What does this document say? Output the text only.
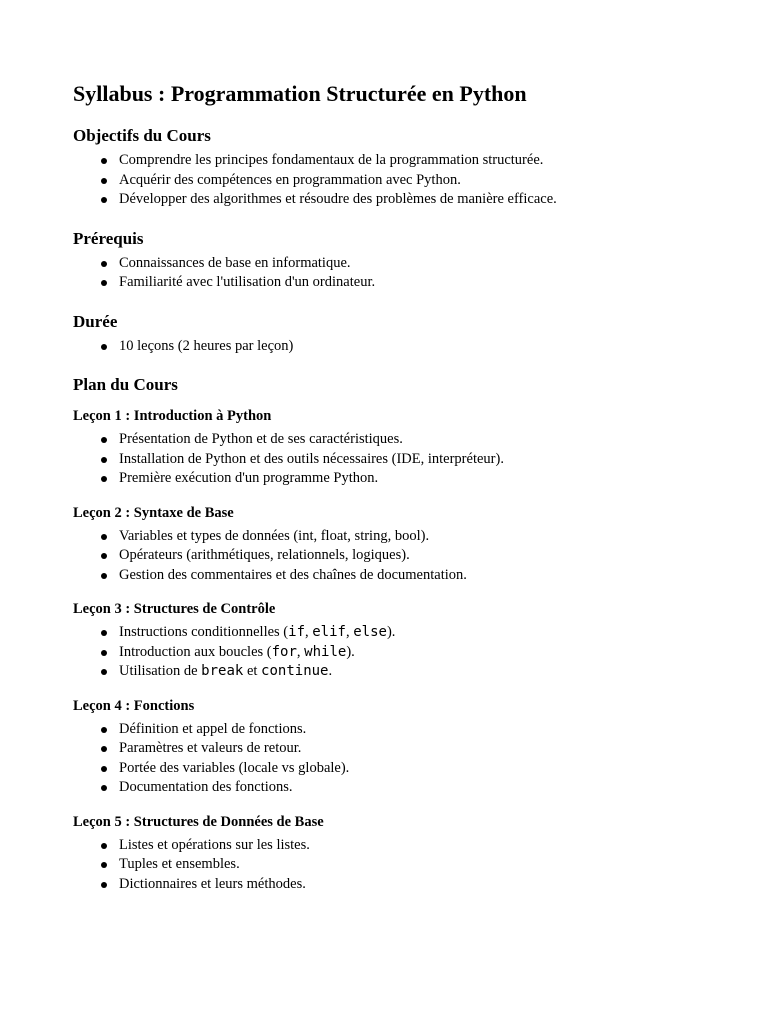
Syllabus : Programmation Structurée en Python
Objectifs du Cours
Comprendre les principes fondamentaux de la programmation structurée.
Acquérir des compétences en programmation avec Python.
Développer des algorithmes et résoudre des problèmes de manière efficace.
Prérequis
Connaissances de base en informatique.
Familiarité avec l'utilisation d'un ordinateur.
Durée
10 leçons (2 heures par leçon)
Plan du Cours
Leçon 1 : Introduction à Python
Présentation de Python et de ses caractéristiques.
Installation de Python et des outils nécessaires (IDE, interpréteur).
Première exécution d'un programme Python.
Leçon 2 : Syntaxe de Base
Variables et types de données (int, float, string, bool).
Opérateurs (arithmétiques, relationnels, logiques).
Gestion des commentaires et des chaînes de documentation.
Leçon 3 : Structures de Contrôle
Instructions conditionnelles (if, elif, else).
Introduction aux boucles (for, while).
Utilisation de break et continue.
Leçon 4 : Fonctions
Définition et appel de fonctions.
Paramètres et valeurs de retour.
Portée des variables (locale vs globale).
Documentation des fonctions.
Leçon 5 : Structures de Données de Base
Listes et opérations sur les listes.
Tuples et ensembles.
Dictionnaires et leurs méthodes.
